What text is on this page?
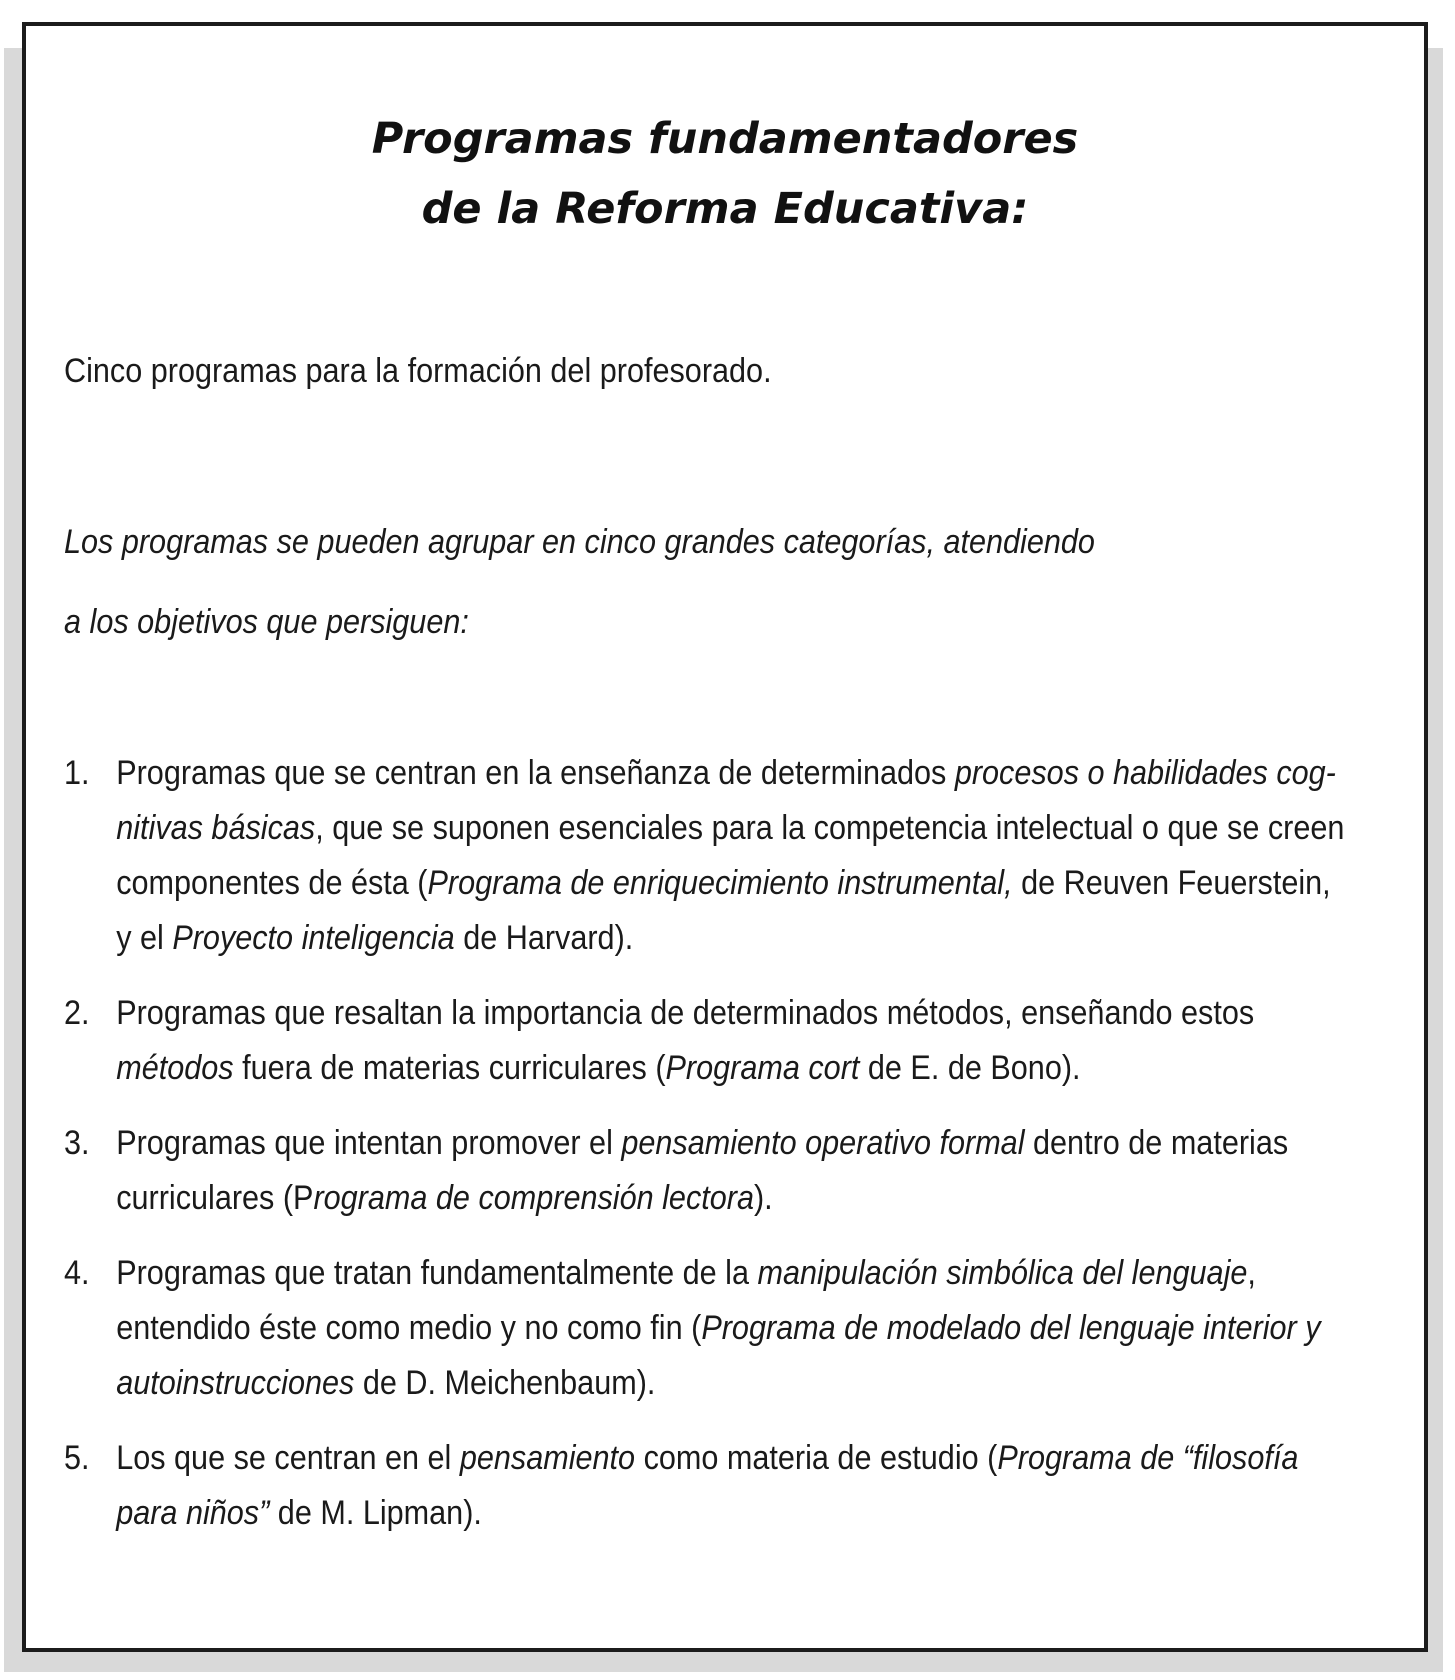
Programas fundamentadores
de la Reforma Educativa:
Cinco programas para la formación del profesorado.
Los programas se pueden agrupar en cinco grandes categorías, atendiendo
a los objetivos que persiguen:
1. Programas que se centran en la enseñanza de determinados procesos o habilidades cog-
nitivas básicas, que se suponen esenciales para la competencia intelectual o que se creen
componentes de ésta (Programa de enriquecimiento instrumental, de Reuven Feuerstein,
y el Proyecto inteligencia de Harvard).
2. Programas que resaltan la importancia de determinados métodos, enseñando estos
métodos fuera de materias curriculares (Programa cort de E. de Bono).
3. Programas que intentan promover el pensamiento operativo formal dentro de materias
curriculares (Programa de comprensión lectora).
4. Programas que tratan fundamentalmente de la manipulación simbólica del lenguaje,
entendido éste como medio y no como fin (Programa de modelado del lenguaje interior y
autoinstrucciones de D. Meichenbaum).
5. Los que se centran en el pensamiento como materia de estudio (Programa de “filosofía
para niños” de M. Lipman).
